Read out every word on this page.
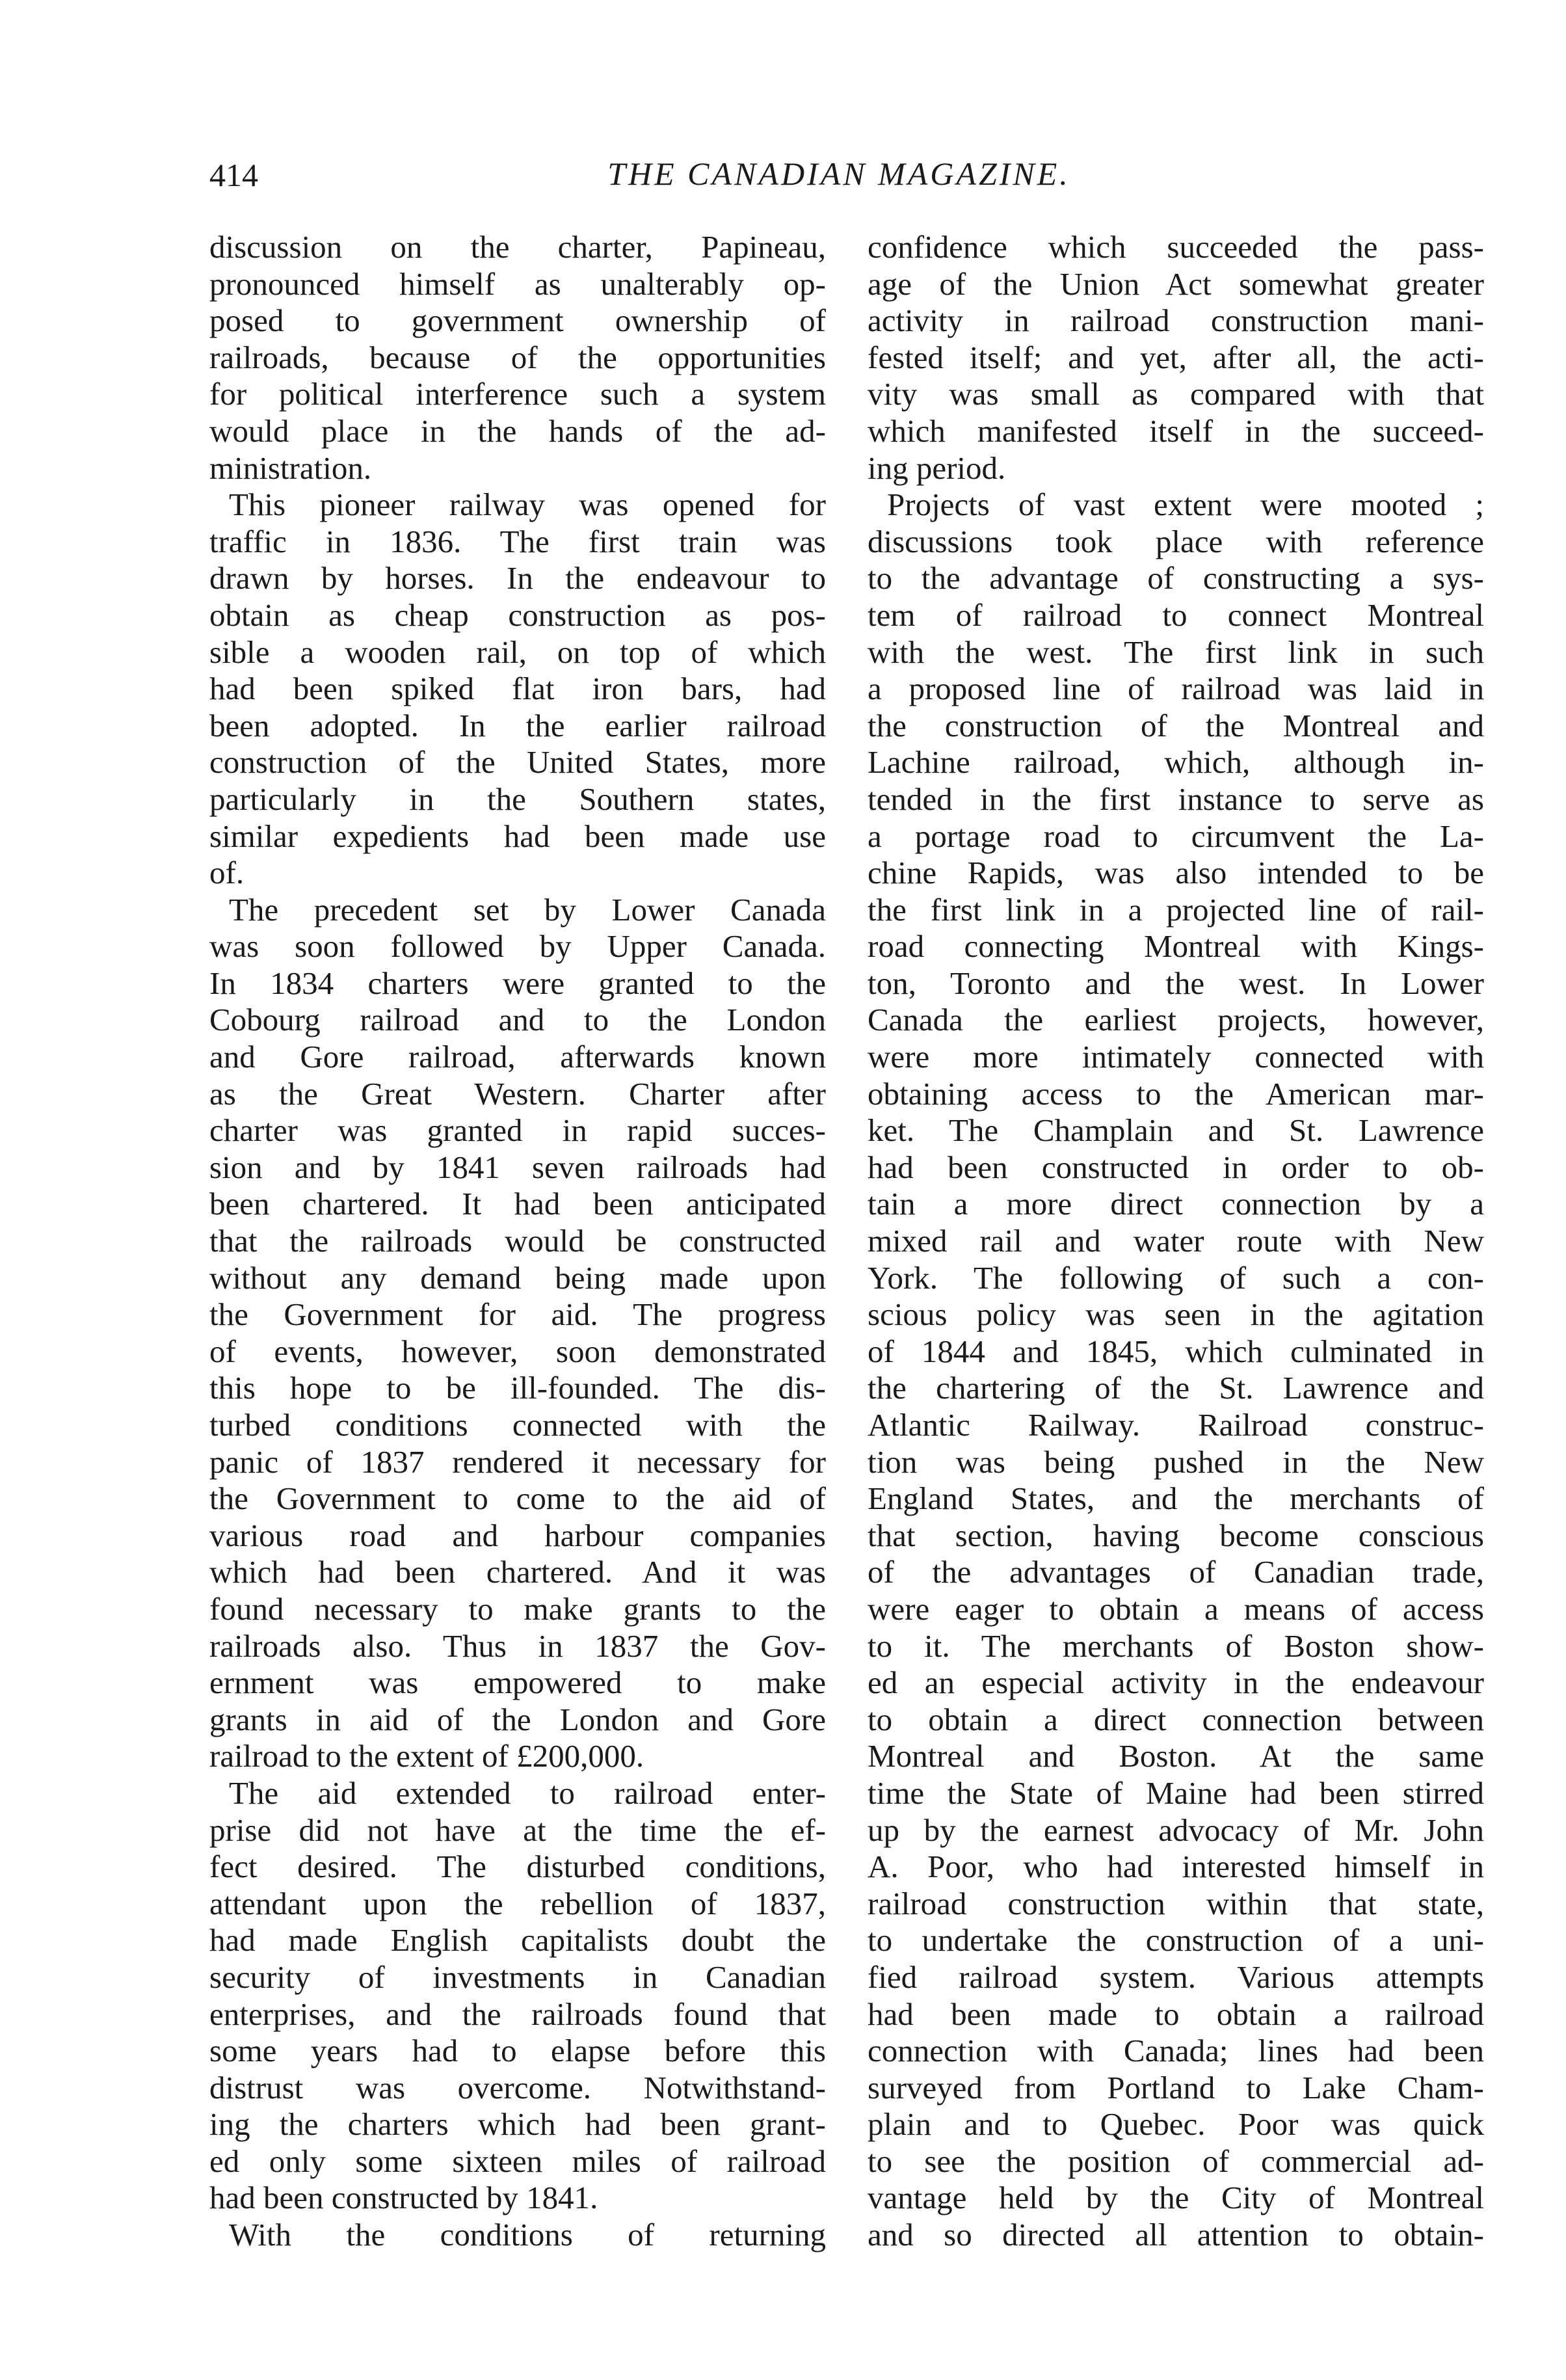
414	THE CANADIAN MAGAZINE.
discussion on the charter, Papineau,
pronounced himself as unalterably op-
posed to government ownership of
railroads, because of the opportunities
for political interference such a system
would place in the hands of the ad-
ministration.
This pioneer railway was opened for
traffic in 1836. The first train was
drawn by horses. In the endeavour to
obtain as cheap construction as pos-
sible a wooden rail, on top of which
had been spiked flat iron bars, had
been adopted. In the earlier railroad
construction of the United States, more
particularly in the Southern states,
similar expedients had been made use
of.
The precedent set by Lower Canada
was soon followed by Upper Canada.
In 1834 charters were granted to the
Cobourg railroad and to the London
and Gore railroad, afterwards known
as the Great Western. Charter after
charter was granted in rapid succes-
sion and by 1841 seven railroads had
been chartered. It had been anticipated
that the railroads would be constructed
without any demand being made upon
the Government for aid. The progress
of events, however, soon demonstrated
this hope to be ill-founded. The dis-
turbed conditions connected with the
panic of 1837 rendered it necessary for
the Government to come to the aid of
various road and harbour companies
which had been chartered. And it was
found necessary to make grants to the
railroads also. Thus in 1837 the Gov-
ernment was empowered to make
grants in aid of the London and Gore
railroad to the extent of £200,000.
The aid extended to railroad enter-
prise did not have at the time the ef-
fect desired. The disturbed conditions,
attendant upon the rebellion of 1837,
had made English capitalists doubt the
security of investments in Canadian
enterprises, and the railroads found that
some years had to elapse before this
distrust was overcome. Notwithstand-
ing the charters which had been grant-
ed only some sixteen miles of railroad
had been constructed by 1841.
With the conditions of returning
confidence which succeeded the pass-
age of the Union Act somewhat greater
activity in railroad construction mani-
fested itself; and yet, after all, the acti-
vity was small as compared with that
which manifested itself in the succeed-
ing period.
Projects of vast extent were mooted ;
discussions took place with reference
to the advantage of constructing a sys-
tem of railroad to connect Montreal
with the west. The first link in such
a proposed line of railroad was laid in
the construction of the Montreal and
Lachine railroad, which, although in-
tended in the first instance to serve as
a portage road to circumvent the La-
chine Rapids, was also intended to be
the first link in a projected line of rail-
road connecting Montreal with Kings-
ton, Toronto and the west. In Lower
Canada the earliest projects, however,
were more intimately connected with
obtaining access to the American mar-
ket. The Champlain and St. Lawrence
had been constructed in order to ob-
tain a more direct connection by a
mixed rail and water route with New
York. The following of such a con-
scious policy was seen in the agitation
of 1844 and 1845, which culminated in
the chartering of the St. Lawrence and
Atlantic Railway. Railroad construc-
tion was being pushed in the New
England States, and the merchants of
that section, having become conscious
of the advantages of Canadian trade,
were eager to obtain a means of access
to it. The merchants of Boston show-
ed an especial activity in the endeavour
to obtain a direct connection between
Montreal and Boston. At the same
time the State of Maine had been stirred
up by the earnest advocacy of Mr. John
A. Poor, who had interested himself in
railroad construction within that state,
to undertake the construction of a uni-
fied railroad system. Various attempts
had been made to obtain a railroad
connection with Canada; lines had been
surveyed from Portland to Lake Cham-
plain and to Quebec. Poor was quick
to see the position of commercial ad-
vantage held by the City of Montreal
and so directed all attention to obtain-
